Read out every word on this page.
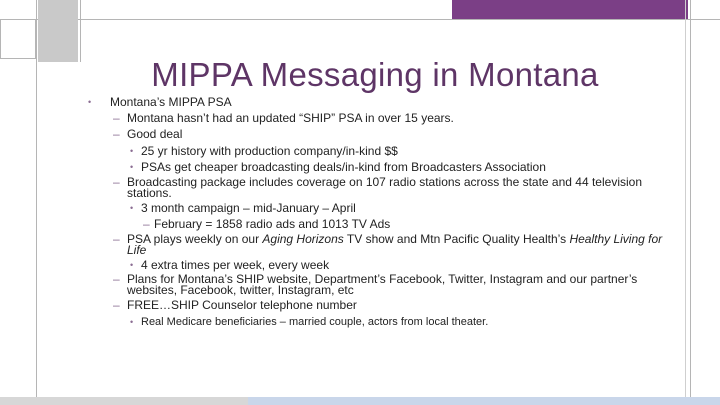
MIPPA Messaging in Montana
• Montana’s MIPPA PSA
– Montana hasn’t had an updated “SHIP” PSA in over 15 years.
– Good deal
• 25 yr history with production company/in-kind $$
• PSAs get cheaper broadcasting deals/in-kind from Broadcasters Association
– Broadcasting package includes coverage on 107 radio stations across the state and 44 television stations.
• 3 month campaign – mid-January – April
– February = 1858 radio ads and 1013 TV Ads
– PSA plays weekly on our Aging Horizons TV show and Mtn Pacific Quality Health’s Healthy Living for Life
• 4 extra times per week, every week
– Plans for Montana’s SHIP website, Department’s Facebook, Twitter, Instagram and our partner’s websites, Facebook, twitter, Instagram, etc
– FREE…SHIP Counselor telephone number
• Real Medicare beneficiaries – married couple, actors from local theater.
